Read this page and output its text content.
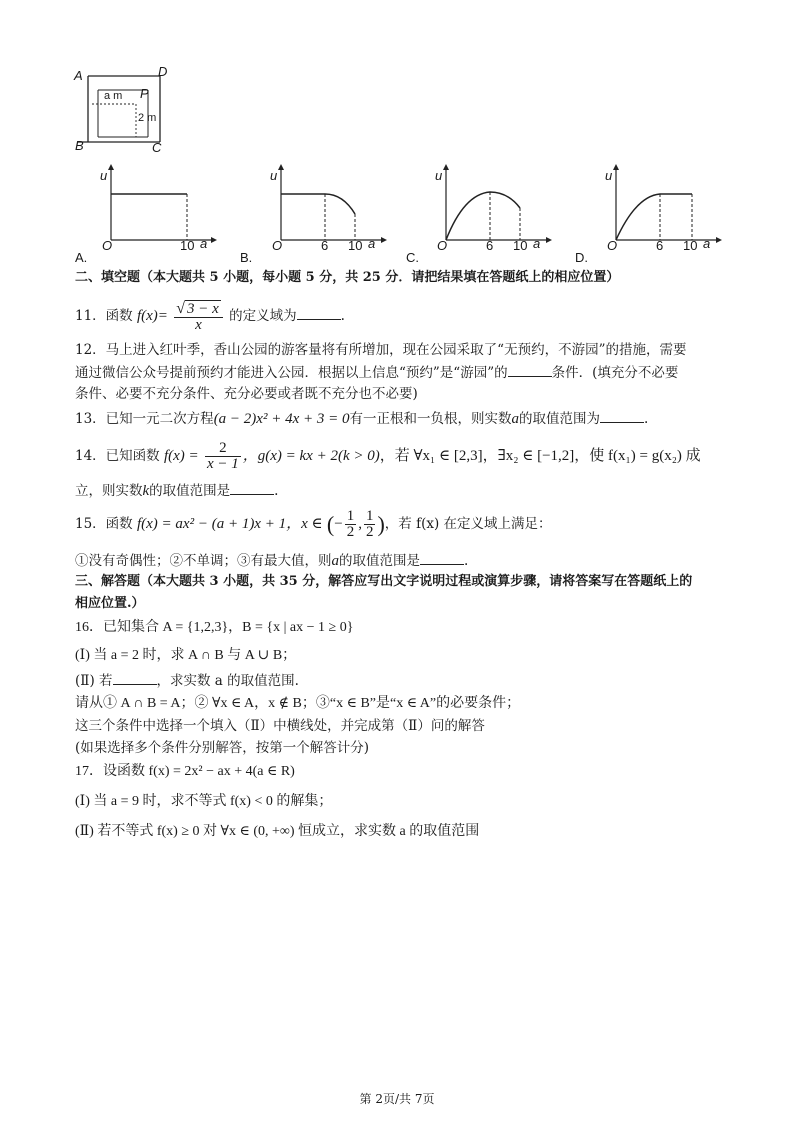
A	D
B	C
P
a m
2 m
u
O	10 a
A.
u
O	6 10 a
B.
u
O	6 10 a
C.
u
O	6 10 a
D.
二、填空题（本大题共 5 小题，每小题 5 分，共 25 分．请把结果填在答题纸上的相应位置）
11．函数 $f(x)= \frac{√ 3 - x}{x}$ 的定义域为	.
12．马上进入红叶季，香山公园的游客量将有所增加，现在公园采取了“无预约，不游园”的措施，需要
通过微信公众号提前预约才能进入公园．根据以上信息“预约”是“游园”的	条件．(填充分不必要
条件、必要不充分条件、充分必要或者既不充分也不必要)
13．已知一元二次方程(a − 2)x² + 4x + 3 = 0有一正根和一负根，则实数a的取值范围为	.
14．已知函数 $f(x) = \frac{2}{x - 1}$ ，g(x) = kx + 2(k > 0)，若 ∀x₁ ∈ [2,3]，∃x₂ ∈ [−1,2]，使 f(x₁) = g(x₂) 成
立，则实数k的取值范围是	.
15．函数 f(x) = ax² − (a + 1)x + 1，x ∈ (− $\frac{1}{2}$ , $\frac{1}{2}$ )，若 f(x) 在定义域上满足：
①没有奇偶性；②不单调；③有最大值，则a的取值范围是	.
三、解答题（本大题共 3 小题，共 35 分，解答应写出文字说明过程或演算步骤，请将答案写在答题纸上的
相应位置.）
16．已知集合 A = {1,2,3}，B = {x | ax − 1 ≥ 0}
(Ⅰ) 当 a = 2 时，求 A ∩ B 与 A ∪ B；
(Ⅱ) 若	，求实数 a 的取值范围.
请从① A ∩ B = A；② ∀x ∈ A，x ∉ B；③“x ∈ B”是“x ∈ A”的必要条件；
这三个条件中选择一个填入（Ⅱ）中横线处，并完成第（Ⅱ）问的解答
(如果选择多个条件分别解答，按第一个解答计分)
17．设函数 f(x) = 2x² − ax + 4(a ∈ R)
(Ⅰ) 当 a = 9 时，求不等式 f(x) < 0 的解集；
(Ⅱ) 若不等式 f(x) ≥ 0 对 ∀x ∈ (0, +∞) 恒成立，求实数 a 的取值范围
第 2页/共 7页
